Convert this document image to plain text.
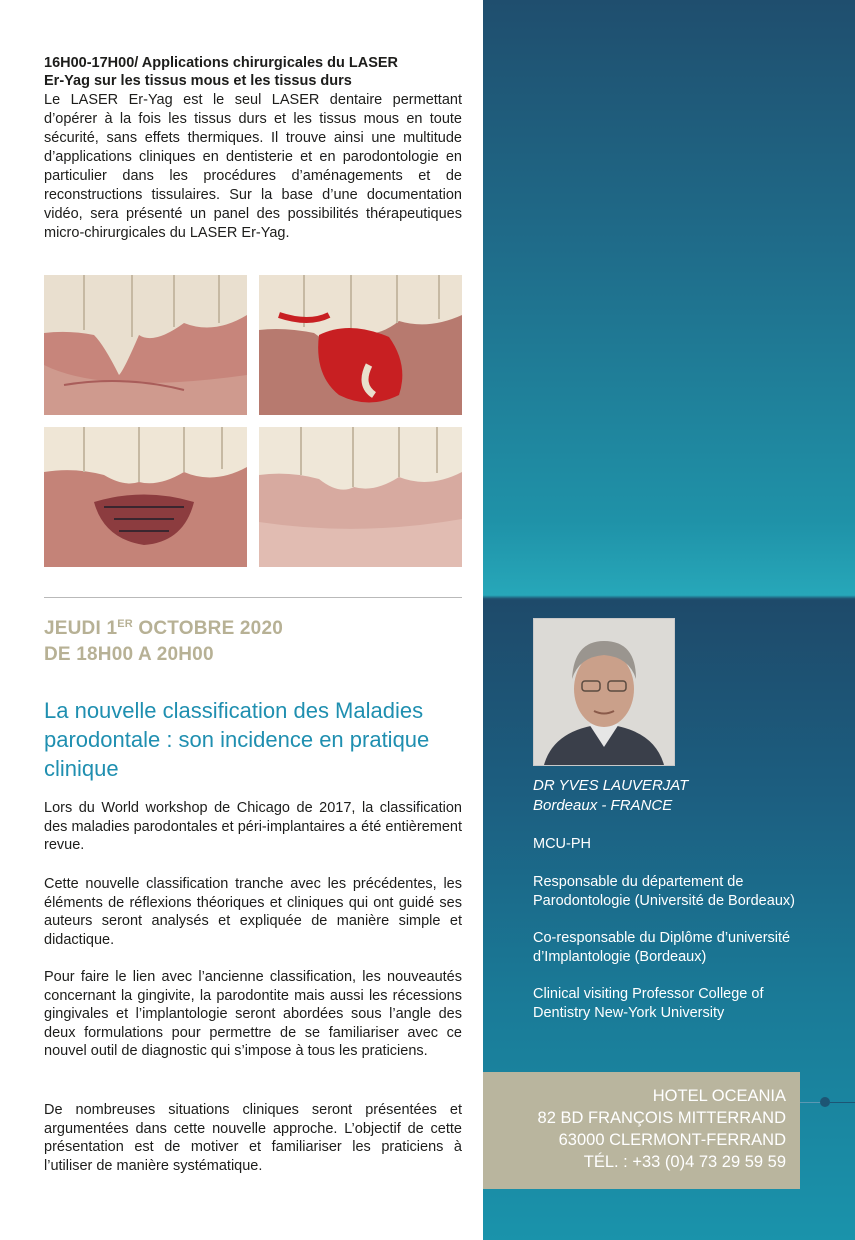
16H00-17H00/ Applications chirurgicales du LASER
Er-Yag sur les tissus mous et les tissus durs
Le LASER Er-Yag est le seul LASER dentaire permettant d’opérer à la fois les tissus durs et les tissus mous en toute sécurité, sans effets thermiques. Il trouve ainsi une multitude d’applications cliniques en dentisterie et en parodontologie en particulier dans les procédures d’aménagements et de reconstructions tissulaires. Sur la base d’une documentation vidéo, sera présenté un panel des possibilités thérapeutiques micro-chirurgicales du LASER Er-Yag.
JEUDI 1ER OCTOBRE 2020
DE 18H00 A 20H00
La nouvelle classification des Maladies parodontale : son incidence en pratique clinique
Lors du World workshop de Chicago de 2017, la classification des maladies parodontales et péri-implantaires a été entièrement revue.
Cette nouvelle classification tranche avec les précédentes, les éléments de réflexions théoriques et cliniques qui ont guidé ses auteurs seront analysés et expliquée de manière simple et didactique.
Pour faire le lien avec l’ancienne classification, les nouveautés concernant la gingivite, la parodontite mais aussi les récessions gingivales et l’implantologie seront abordées sous l’angle des deux formulations pour permettre de se familiariser avec ce nouvel outil de diagnostic qui s’impose à tous les praticiens.
De nombreuses situations cliniques seront présentées et argumentées dans cette nouvelle approche. L’objectif de cette présentation est de motiver et familiariser les praticiens à l’utiliser de manière systématique.
DR YVES LAUVERJAT
Bordeaux - FRANCE
MCU-PH
Responsable du département de Parodontologie (Université de Bordeaux)
Co-responsable du Diplôme d’université d’Implantologie (Bordeaux)
Clinical visiting Professor College of Dentistry New-York University
HOTEL OCEANIA
82 BD FRANÇOIS MITTERRAND
63000 CLERMONT-FERRAND
TÉL. : +33 (0)4 73 29 59 59
